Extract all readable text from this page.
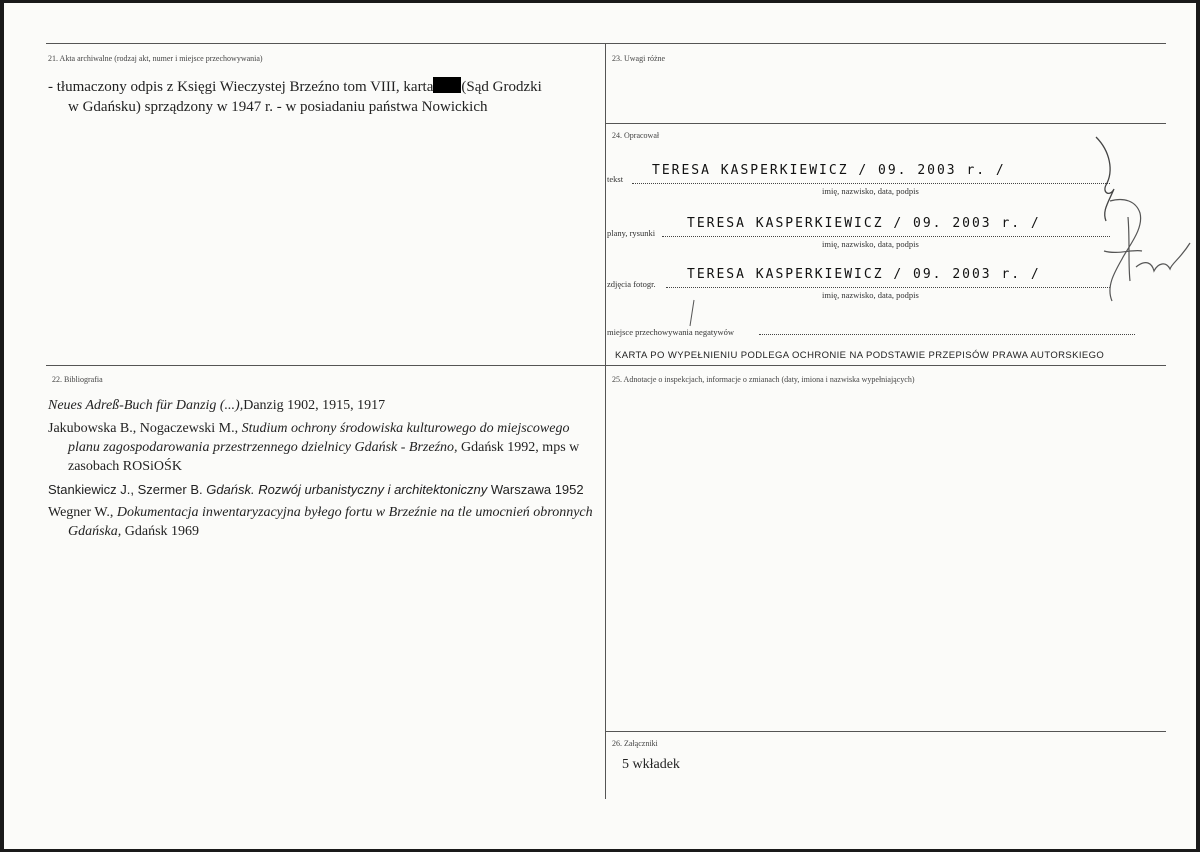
21. Akta archiwalne (rodzaj akt, numer i miejsce przechowywania)
- tłumaczony odpis z Księgi Wieczystej Brzeźno tom VIII, karta (Sąd Grodzki
w Gdańsku) sprządzony w 1947 r. - w posiadaniu państwa Nowickich
23. Uwagi różne
24. Opracował
tekst
TERESA KASPERKIEWICZ / 09. 2003 r. /
imię, nazwisko, data, podpis
plany, rysunki
TERESA KASPERKIEWICZ / 09. 2003 r. /
imię, nazwisko, data, podpis
zdjęcia fotogr.
TERESA KASPERKIEWICZ / 09. 2003 r. /
imię, nazwisko, data, podpis
miejsce przechowywania negatywów
KARTA PO WYPEŁNIENIU PODLEGA OCHRONIE NA PODSTAWIE PRZEPISÓW PRAWA AUTORSKIEGO
22. Bibliografia

Neues Adreß-Buch für Danzig (...),Danzig 1902, 1915, 1917

Jakubowska B., Nogaczewski M., Studium ochrony środowiska kulturowego do miejscowego planu zagospodarowania przestrzennego dzielnicy Gdańsk - Brzeźno, Gdańsk 1992, mps w zasobach ROSiOŚK

Stankiewicz J., Szermer B. Gdańsk. Rozwój urbanistyczny i architektoniczny Warszawa 1952

Wegner W., Dokumentacja inwentaryzacyjna byłego fortu w Brzeźnie na tle umocnień obronnych Gdańska, Gdańsk 1969

25. Adnotacje o inspekcjach, informacje o zmianach (daty, imiona i nazwiska wypełniających)
26. Załączniki
5 wkładek
